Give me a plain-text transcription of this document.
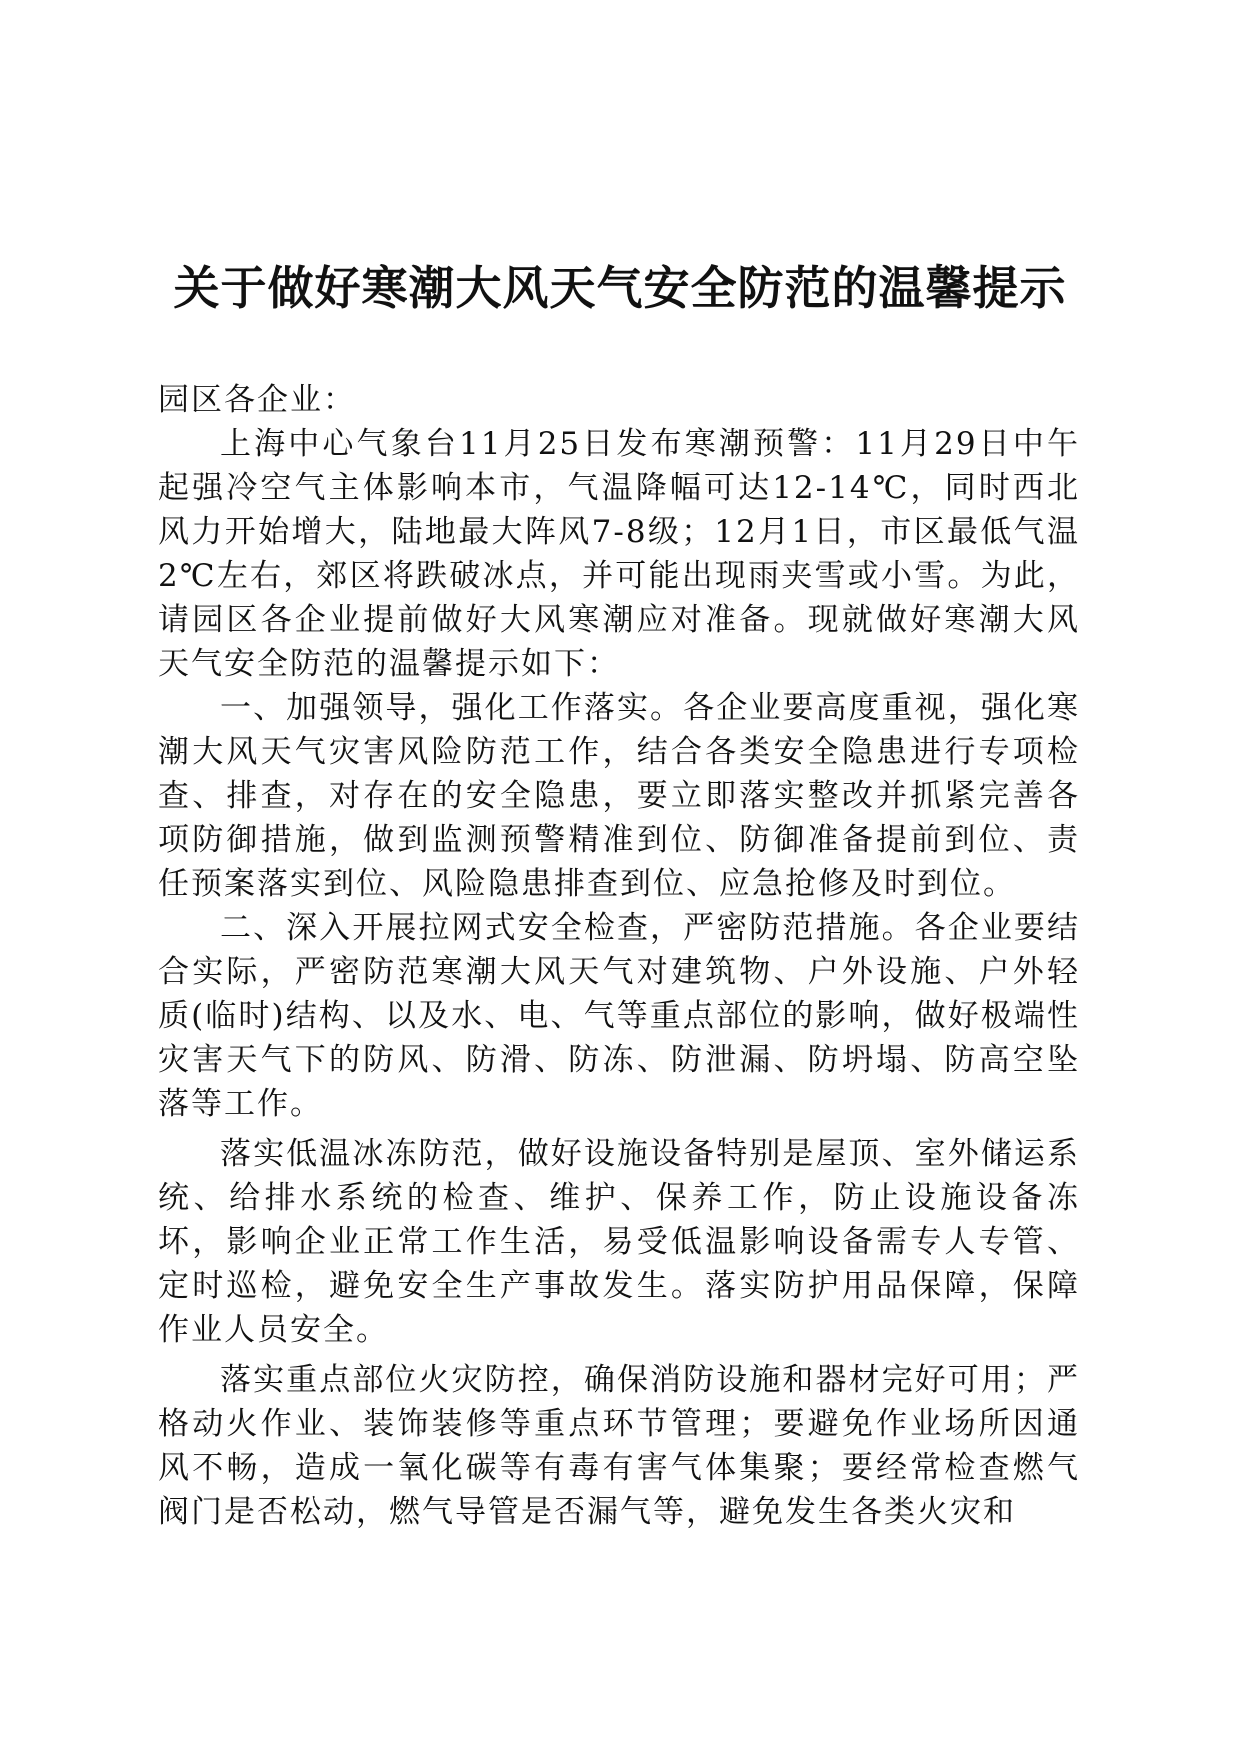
关于做好寒潮大风天气安全防范的温馨提示

园区各企业：

上海中心气象台11月25日发布寒潮预警：11月29日中午起强冷空气主体影响本市，气温降幅可达12-14℃，同时西北风力开始增大，陆地最大阵风7-8级；12月1日，市区最低气温2℃左右，郊区将跌破冰点，并可能出现雨夹雪或小雪。为此，请园区各企业提前做好大风寒潮应对准备。现就做好寒潮大风天气安全防范的温馨提示如下：

一、加强领导，强化工作落实。各企业要高度重视，强化寒潮大风天气灾害风险防范工作，结合各类安全隐患进行专项检查、排查，对存在的安全隐患，要立即落实整改并抓紧完善各项防御措施，做到监测预警精准到位、防御准备提前到位、责任预案落实到位、风险隐患排查到位、应急抢修及时到位。

二、深入开展拉网式安全检查，严密防范措施。各企业要结合实际，严密防范寒潮大风天气对建筑物、户外设施、户外轻质(临时)结构、以及水、电、气等重点部位的影响，做好极端性灾害天气下的防风、防滑、防冻、防泄漏、防坍塌、防高空坠落等工作。

落实低温冰冻防范，做好设施设备特别是屋顶、室外储运系统、给排水系统的检查、维护、保养工作，防止设施设备冻坏，影响企业正常工作生活，易受低温影响设备需专人专管、定时巡检，避免安全生产事故发生。落实防护用品保障，保障作业人员安全。

落实重点部位火灾防控，确保消防设施和器材完好可用；严格动火作业、装饰装修等重点环节管理；要避免作业场所因通风不畅，造成一氧化碳等有毒有害气体集聚；要经常检查燃气阀门是否松动，燃气导管是否漏气等，避免发生各类火灾和
